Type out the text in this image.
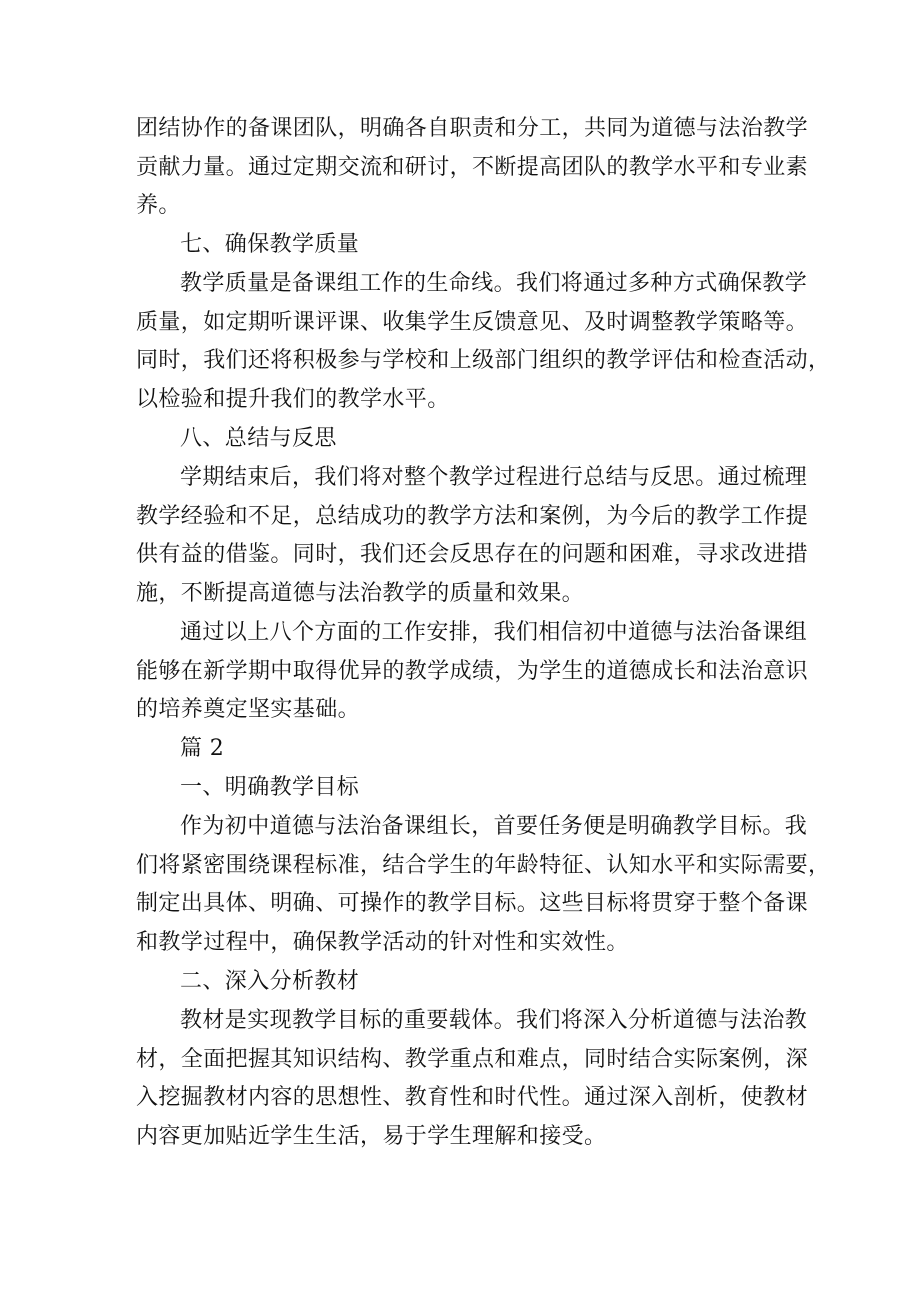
团结协作的备课团队，明确各自职责和分工，共同为道德与法治教学
贡献力量。通过定期交流和研讨，不断提高团队的教学水平和专业素
养。
七、确保教学质量
教学质量是备课组工作的生命线。我们将通过多种方式确保教学
质量，如定期听课评课、收集学生反馈意见、及时调整教学策略等。
同时，我们还将积极参与学校和上级部门组织的教学评估和检查活动，
以检验和提升我们的教学水平。
八、总结与反思
学期结束后，我们将对整个教学过程进行总结与反思。通过梳理
教学经验和不足，总结成功的教学方法和案例，为今后的教学工作提
供有益的借鉴。同时，我们还会反思存在的问题和困难，寻求改进措
施，不断提高道德与法治教学的质量和效果。
通过以上八个方面的工作安排，我们相信初中道德与法治备课组
能够在新学期中取得优异的教学成绩，为学生的道德成长和法治意识
的培养奠定坚实基础。
篇 2
一、明确教学目标
作为初中道德与法治备课组长，首要任务便是明确教学目标。我
们将紧密围绕课程标准，结合学生的年龄特征、认知水平和实际需要，
制定出具体、明确、可操作的教学目标。这些目标将贯穿于整个备课
和教学过程中，确保教学活动的针对性和实效性。
二、深入分析教材
教材是实现教学目标的重要载体。我们将深入分析道德与法治教
材，全面把握其知识结构、教学重点和难点，同时结合实际案例，深
入挖掘教材内容的思想性、教育性和时代性。通过深入剖析，使教材
内容更加贴近学生生活，易于学生理解和接受。
